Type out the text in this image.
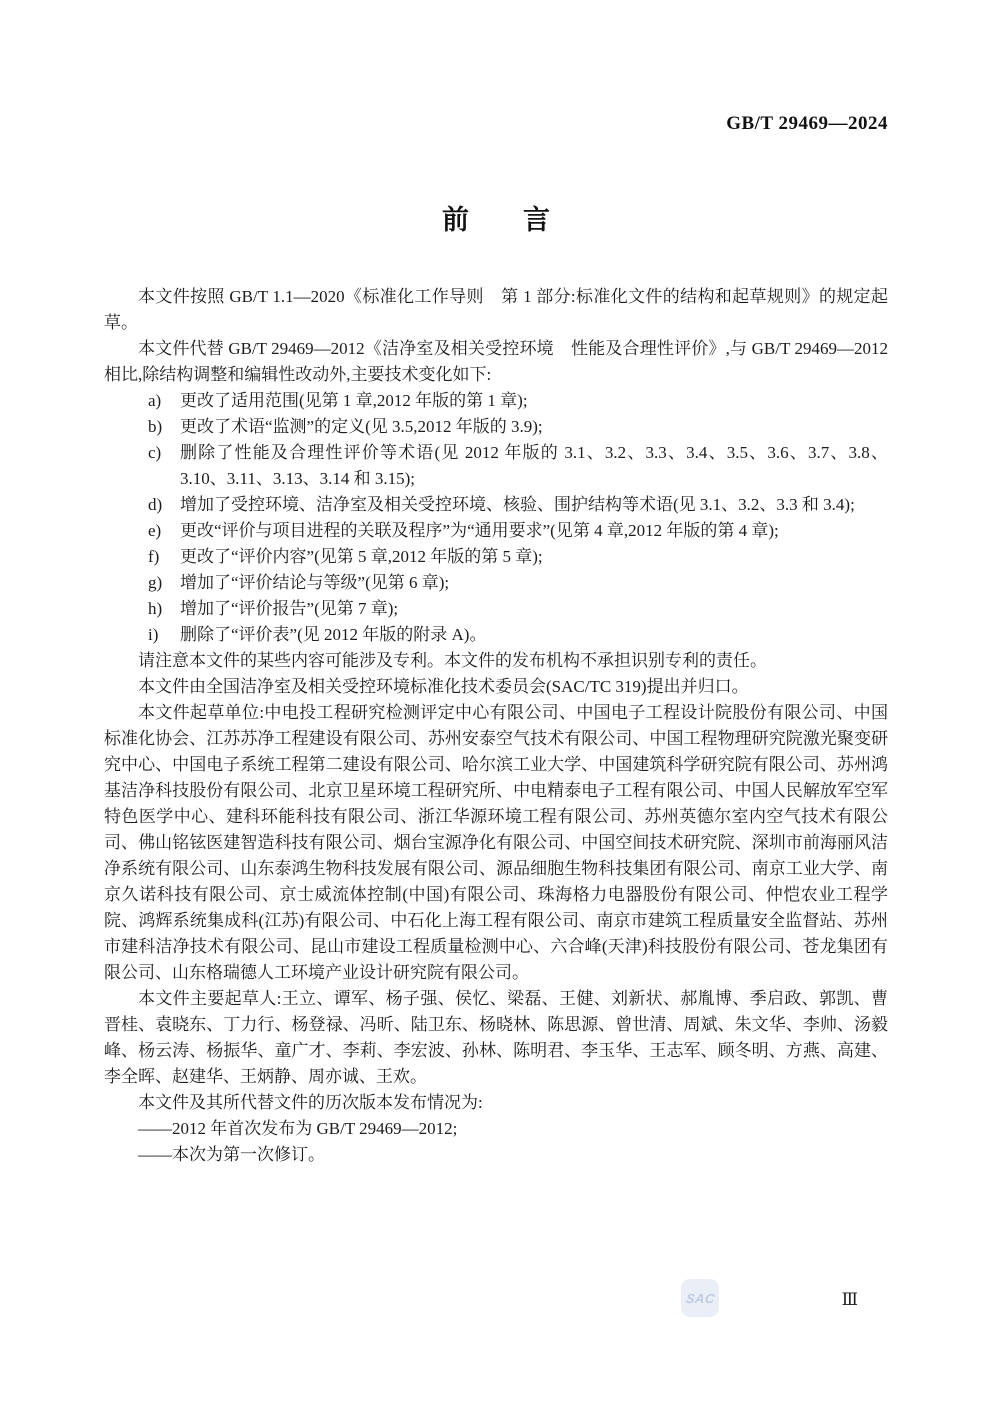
GB/T 29469—2024
前　　言

本文件按照 GB/T 1.1—2020《标准化工作导则　第 1 部分:标准化文件的结构和起草规则》的规定起草。

本文件代替 GB/T 29469—2012《洁净室及相关受控环境　性能及合理性评价》,与 GB/T 29469—2012 相比,除结构调整和编辑性改动外,主要技术变化如下:

a)	更改了适用范围(见第 1 章,2012 年版的第 1 章);
b)	更改了术语“监测”的定义(见 3.5,2012 年版的 3.9);
c)	删除了性能及合理性评价等术语(见 2012 年版的 3.1、3.2、3.3、3.4、3.5、3.6、3.7、3.8、3.10、3.11、3.13、3.14 和 3.15);
d)	增加了受控环境、洁净室及相关受控环境、核验、围护结构等术语(见 3.1、3.2、3.3 和 3.4);
e)	更改“评价与项目进程的关联及程序”为“通用要求”(见第 4 章,2012 年版的第 4 章);
f)	更改了“评价内容”(见第 5 章,2012 年版的第 5 章);
g)	增加了“评价结论与等级”(见第 6 章);
h)	增加了“评价报告”(见第 7 章);
i)	删除了“评价表”(见 2012 年版的附录 A)。

请注意本文件的某些内容可能涉及专利。本文件的发布机构不承担识别专利的责任。

本文件由全国洁净室及相关受控环境标准化技术委员会(SAC/TC 319)提出并归口。

本文件起草单位:中电投工程研究检测评定中心有限公司、中国电子工程设计院股份有限公司、中国标准化协会、江苏苏净工程建设有限公司、苏州安泰空气技术有限公司、中国工程物理研究院激光聚变研究中心、中国电子系统工程第二建设有限公司、哈尔滨工业大学、中国建筑科学研究院有限公司、苏州鸿基洁净科技股份有限公司、北京卫星环境工程研究所、中电精泰电子工程有限公司、中国人民解放军空军特色医学中心、建科环能科技有限公司、浙江华源环境工程有限公司、苏州英德尔室内空气技术有限公司、佛山铭铉医建智造科技有限公司、烟台宝源净化有限公司、中国空间技术研究院、深圳市前海丽风洁净系统有限公司、山东泰鸿生物科技发展有限公司、源品细胞生物科技集团有限公司、南京工业大学、南京久诺科技有限公司、京士威流体控制(中国)有限公司、珠海格力电器股份有限公司、仲恺农业工程学院、鸿辉系统集成科(江苏)有限公司、中石化上海工程有限公司、南京市建筑工程质量安全监督站、苏州市建科洁净技术有限公司、昆山市建设工程质量检测中心、六合峰(天津)科技股份有限公司、苍龙集团有限公司、山东格瑞德人工环境产业设计研究院有限公司。

本文件主要起草人:王立、谭军、杨子强、侯忆、梁磊、王健、刘新状、郝胤博、季启政、郭凯、曹晋桂、袁晓东、丁力行、杨登禄、冯昕、陆卫东、杨晓林、陈思源、曾世清、周斌、朱文华、李帅、汤毅峰、杨云涛、杨振华、童广才、李莉、李宏波、孙林、陈明君、李玉华、王志军、顾冬明、方燕、高建、李全晖、赵建华、王炳静、周亦诚、王欢。

本文件及其所代替文件的历次版本发布情况为:

——2012 年首次发布为 GB/T 29469—2012;

——本次为第一次修订。

SAC	Ⅲ
